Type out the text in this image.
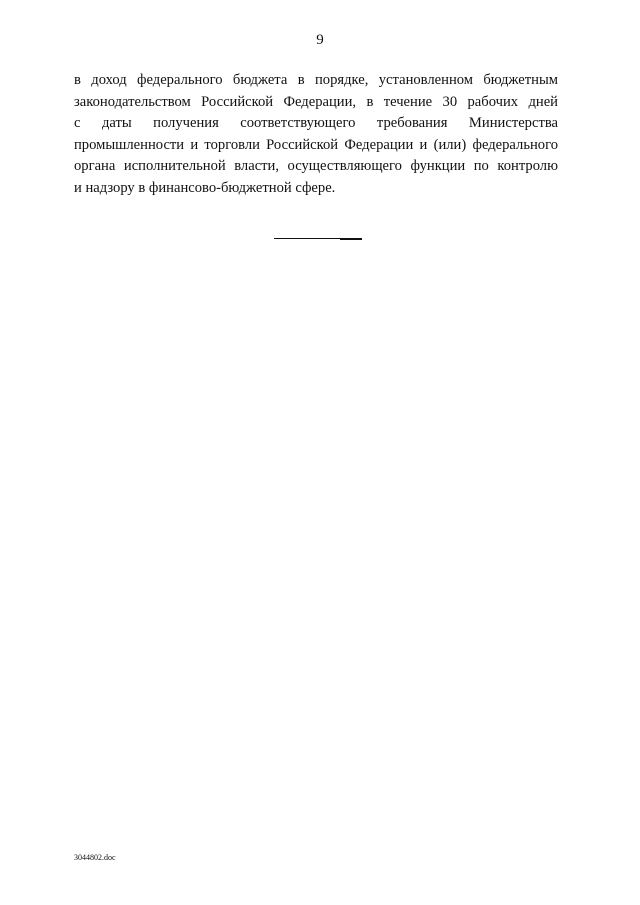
9
в доход федерального бюджета в порядке, установленном бюджетным
законодательством Российской Федерации, в течение 30 рабочих дней
с даты получения соответствующего требования Министерства
промышленности и торговли Российской Федерации и (или) федерального
органа исполнительной власти, осуществляющего функции по контролю
и надзору в финансово-бюджетной сфере.
3044802.doc
